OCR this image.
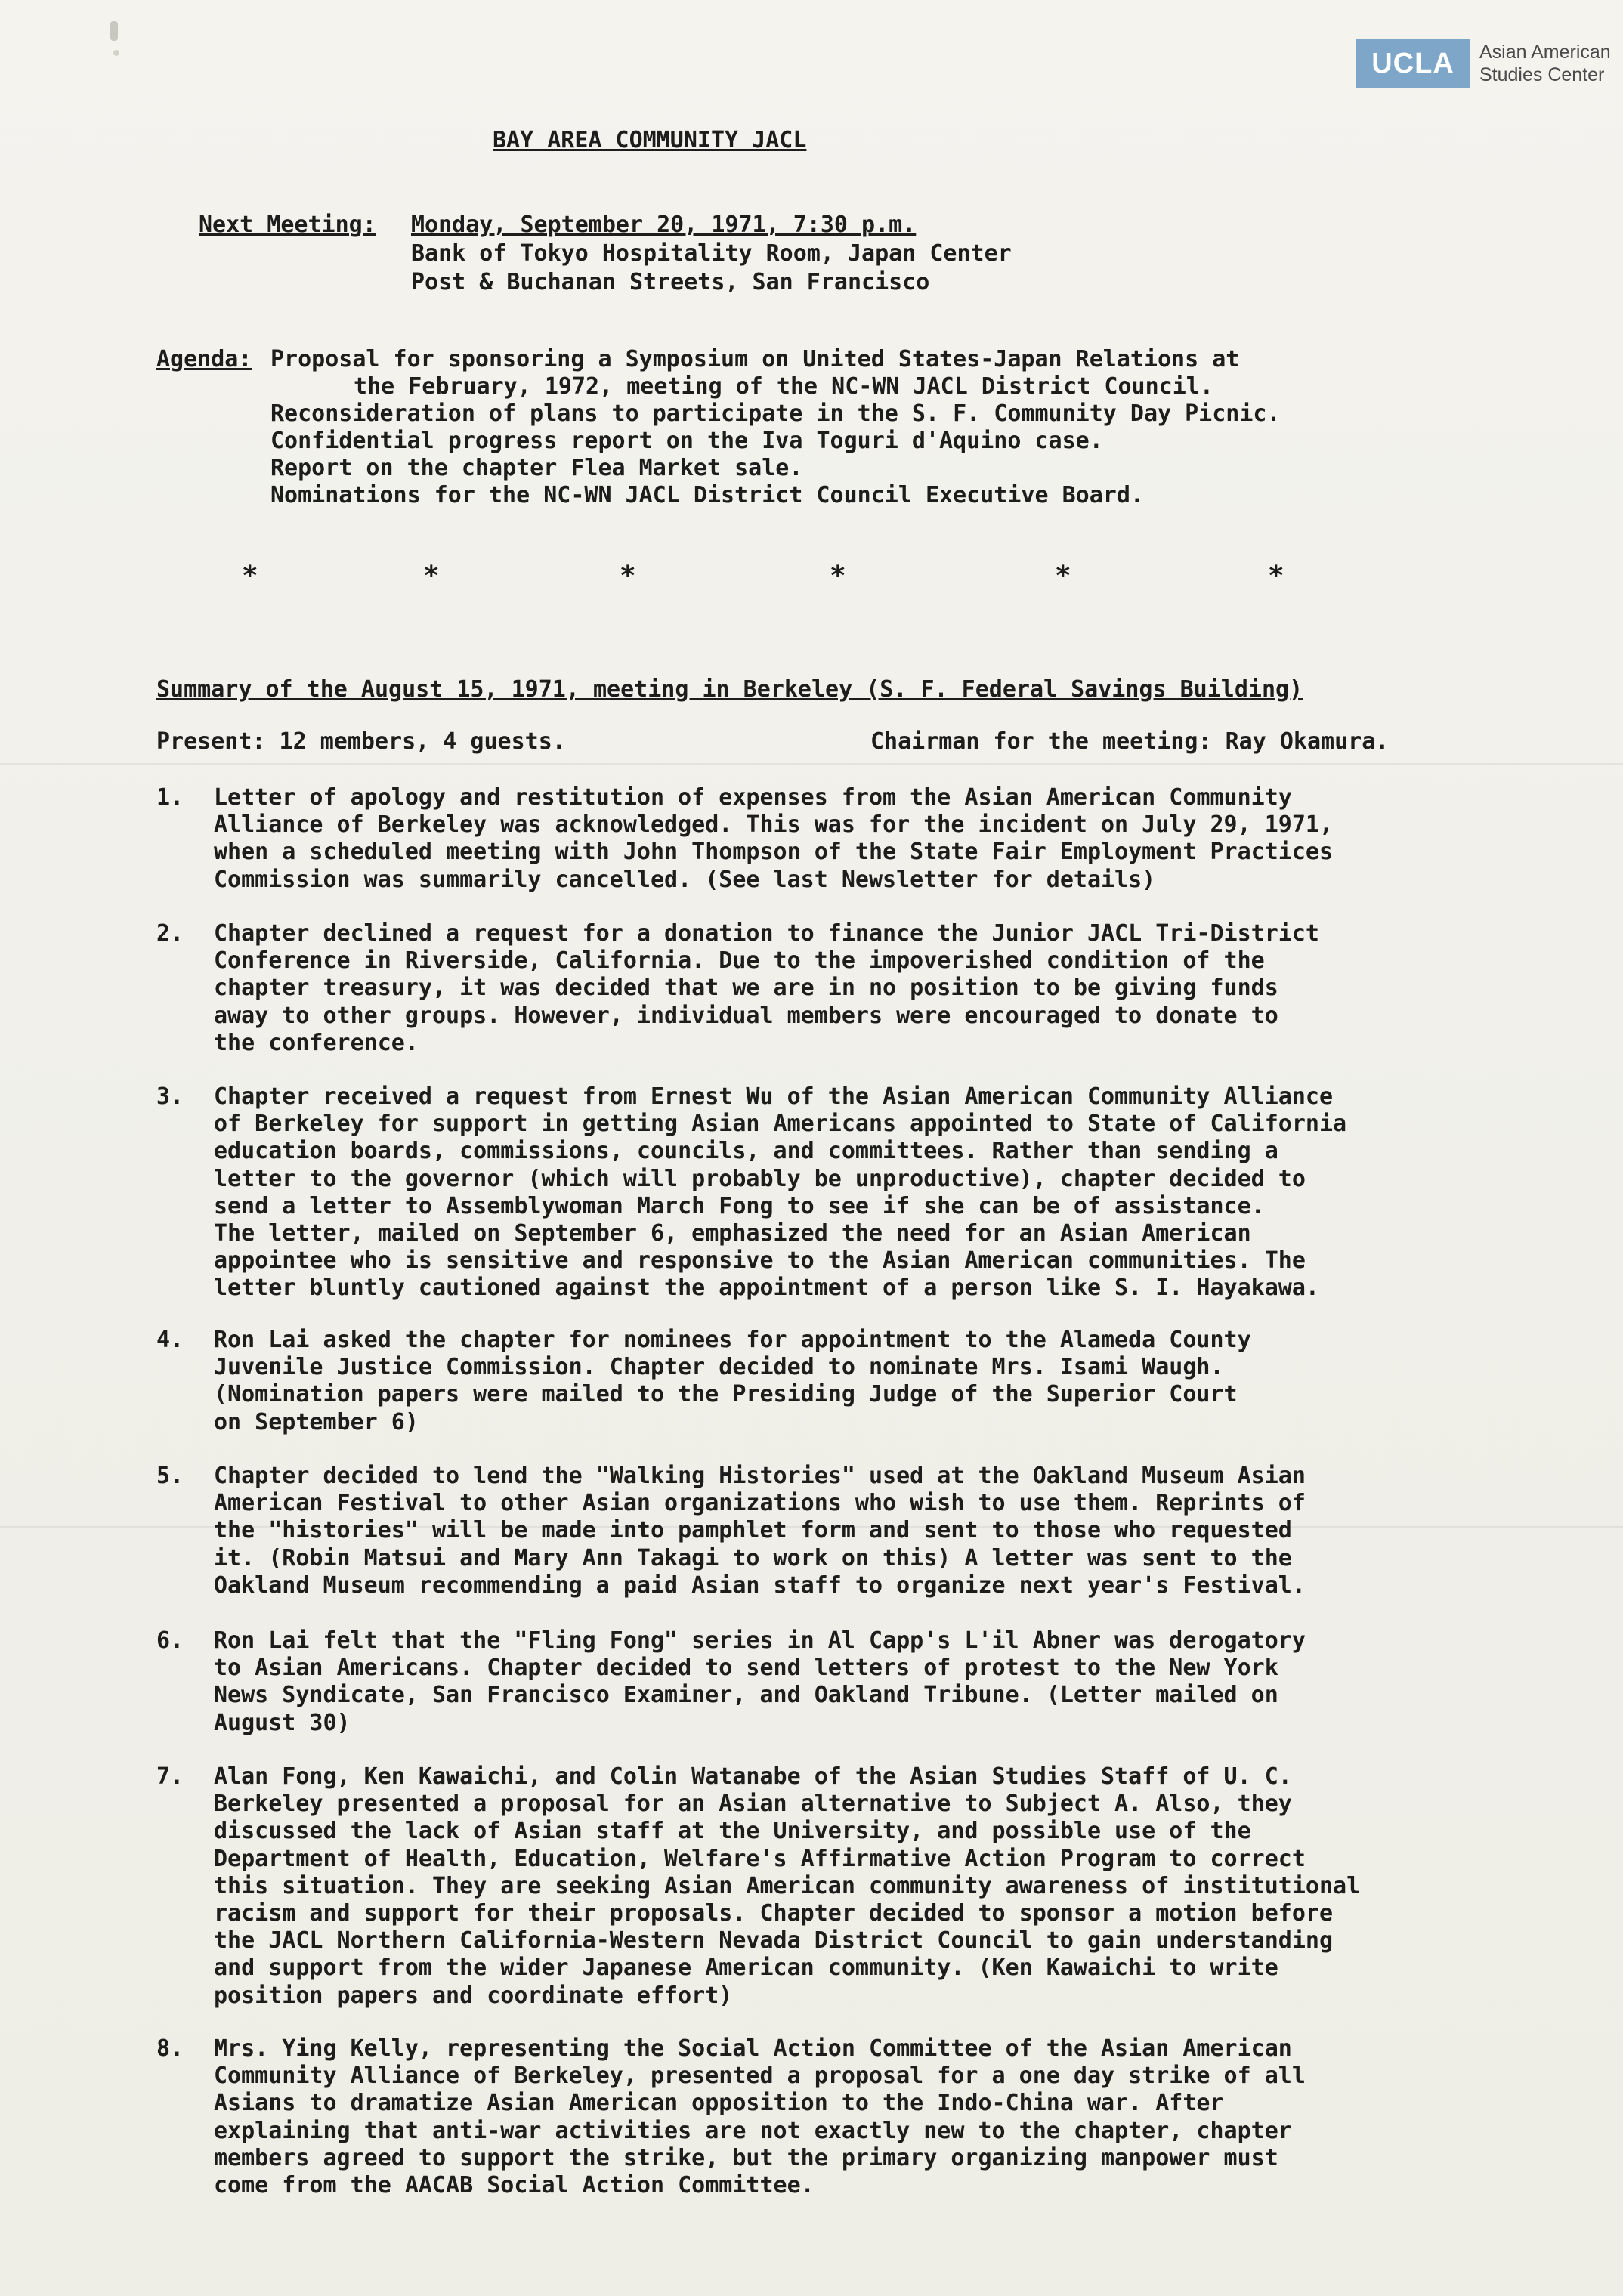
UCLA	Asian American
Studies Center
BAY AREA COMMUNITY JACL
Next Meeting: Monday, September 20, 1971, 7:30 p.m.
Bank of Tokyo Hospitality Room, Japan Center
Post & Buchanan Streets, San Francisco
Agenda: Proposal for sponsoring a Symposium on United States-Japan Relations at
the February, 1972, meeting of the NC-WN JACL District Council.
Reconsideration of plans to participate in the S. F. Community Day Picnic.
Confidential progress report on the Iva Toguri d'Aquino case.
Report on the chapter Flea Market sale.
Nominations for the NC-WN JACL District Council Executive Board.
*	*	*	*	*	*
Summary of the August 15, 1971, meeting in Berkeley (S. F. Federal Savings Building)
Present: 12 members, 4 guests.	Chairman for the meeting: Ray Okamura.
1. Letter of apology and restitution of expenses from the Asian American Community
Alliance of Berkeley was acknowledged. This was for the incident on July 29, 1971,
when a scheduled meeting with John Thompson of the State Fair Employment Practices
Commission was summarily cancelled. (See last Newsletter for details)
2. Chapter declined a request for a donation to finance the Junior JACL Tri-District
Conference in Riverside, California. Due to the impoverished condition of the
chapter treasury, it was decided that we are in no position to be giving funds
away to other groups. However, individual members were encouraged to donate to
the conference.
3. Chapter received a request from Ernest Wu of the Asian American Community Alliance
of Berkeley for support in getting Asian Americans appointed to State of California
education boards, commissions, councils, and committees. Rather than sending a
letter to the governor (which will probably be unproductive), chapter decided to
send a letter to Assemblywoman March Fong to see if she can be of assistance.
The letter, mailed on September 6, emphasized the need for an Asian American
appointee who is sensitive and responsive to the Asian American communities. The
letter bluntly cautioned against the appointment of a person like S. I. Hayakawa.
4. Ron Lai asked the chapter for nominees for appointment to the Alameda County
Juvenile Justice Commission. Chapter decided to nominate Mrs. Isami Waugh.
(Nomination papers were mailed to the Presiding Judge of the Superior Court
on September 6)
5. Chapter decided to lend the "Walking Histories" used at the Oakland Museum Asian
American Festival to other Asian organizations who wish to use them. Reprints of
the "histories" will be made into pamphlet form and sent to those who requested
it. (Robin Matsui and Mary Ann Takagi to work on this) A letter was sent to the
Oakland Museum recommending a paid Asian staff to organize next year's Festival.
6. Ron Lai felt that the "Fling Fong" series in Al Capp's L'il Abner was derogatory
to Asian Americans. Chapter decided to send letters of protest to the New York
News Syndicate, San Francisco Examiner, and Oakland Tribune. (Letter mailed on
August 30)
7. Alan Fong, Ken Kawaichi, and Colin Watanabe of the Asian Studies Staff of U. C.
Berkeley presented a proposal for an Asian alternative to Subject A. Also, they
discussed the lack of Asian staff at the University, and possible use of the
Department of Health, Education, Welfare's Affirmative Action Program to correct
this situation. They are seeking Asian American community awareness of institutional
racism and support for their proposals. Chapter decided to sponsor a motion before
the JACL Northern California-Western Nevada District Council to gain understanding
and support from the wider Japanese American community. (Ken Kawaichi to write
position papers and coordinate effort)
8. Mrs. Ying Kelly, representing the Social Action Committee of the Asian American
Community Alliance of Berkeley, presented a proposal for a one day strike of all
Asians to dramatize Asian American opposition to the Indo-China war. After
explaining that anti-war activities are not exactly new to the chapter, chapter
members agreed to support the strike, but the primary organizing manpower must
come from the AACAB Social Action Committee.
